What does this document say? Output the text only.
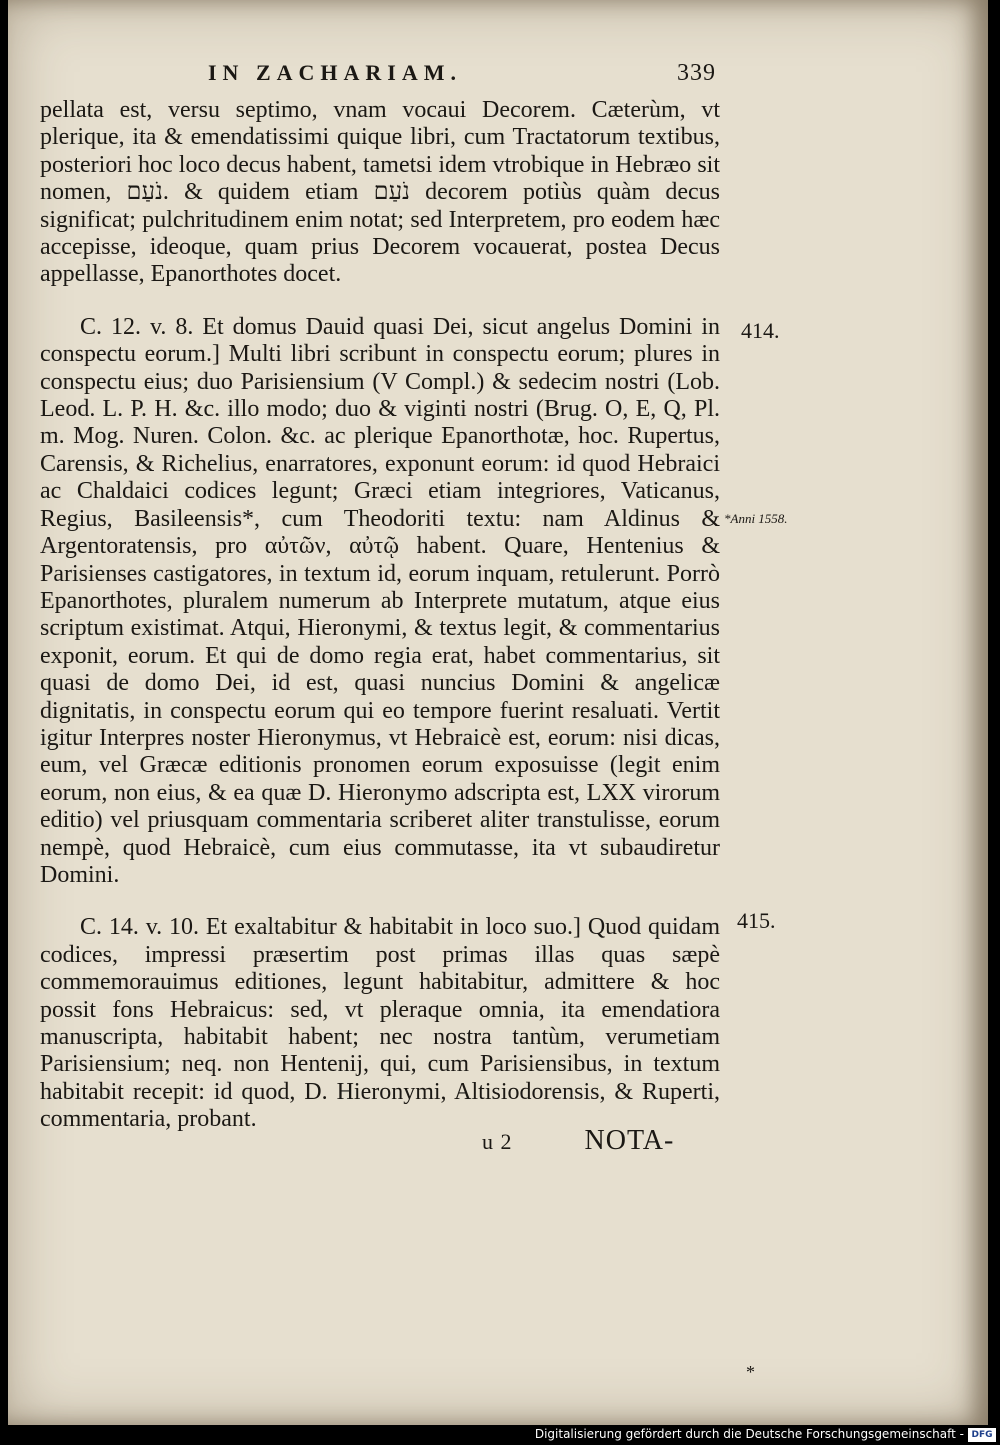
IN ZACHARIAM.	339

pellata est, versu septimo, vnam vocaui Decorem. Cæterùm, vt plerique, ita & emendatissimi quique libri, cum Tractatorum textibus, posteriori hoc loco decus habent, tametsi idem vtrobique in Hebræo sit nomen, נֹעַם. & quidem etiam נֹעַם decorem potiùs quàm decus significat; pulchritudinem enim notat; sed Interpretem, pro eodem hæc accepisse, ideoque, quam prius Decorem vocauerat, postea Decus appellasse, Epanorthotes docet.

C. 12. v. 8. Et domus Dauid quasi Dei, sicut angelus Domini in conspectu eorum.] Multi libri scribunt in conspectu eorum; plures in conspectu eius; duo Parisiensium (V Compl.) & sedecim nostri (Lob. Leod. L. P. H. &c. illo modo; duo & viginti nostri (Brug. O, E, Q, Pl. m. Mog. Nuren. Colon. &c. ac plerique Epanorthotæ, hoc. Rupertus, Carensis, & Richelius, enarratores, exponunt eorum: id quod Hebraici ac Chaldaici codices legunt; Græci etiam integriores, Vaticanus, Regius, Basileensis*, cum Theodoriti textu: nam Aldinus & Argentoratensis, pro αὐτῶν, αὐτῷ habent. Quare, Hentenius & Parisienses castigatores, in textum id, eorum inquam, retulerunt. Porrò Epanorthotes, pluralem numerum ab Interprete mutatum, atque eius scriptum existimat. Atqui, Hieronymi, & textus legit, & commentarius exponit, eorum. Et qui de domo regia erat, habet commentarius, sit quasi de domo Dei, id est, quasi nuncius Domini & angelicæ dignitatis, in conspectu eorum qui eo tempore fuerint resaluati. Vertit igitur Interpres noster Hieronymus, vt Hebraicè est, eorum: nisi dicas, eum, vel Græcæ editionis pronomen eorum exposuisse (legit enim eorum, non eius, & ea quæ D. Hieronymo adscripta est, LXX virorum editio) vel priusquam commentaria scriberet aliter transtulisse, eorum nempè, quod Hebraicè, cum eius commutasse, ita vt subaudiretur Domini.

C. 14. v. 10. Et exaltabitur & habitabit in loco suo.] Quod quidam codices, impressi præsertim post primas illas quas sæpè commemorauimus editiones, legunt habitabitur, admittere & hoc possit fons Hebraicus: sed, vt pleraque omnia, ita emendatiora manuscripta, habitabit habent; nec nostra tantùm, verumetiam Parisiensium; neq. non Hentenij, qui, cum Parisiensibus, in textum habitabit recepit: id quod, D. Hieronymi, Altisiodorensis, & Ruperti, commentaria, probant.

414.
*Anni 1558.
415.
u 2	NOTA-
*
Digitalisierung gefördert durch die Deutsche Forschungsgemeinschaft - DFG
